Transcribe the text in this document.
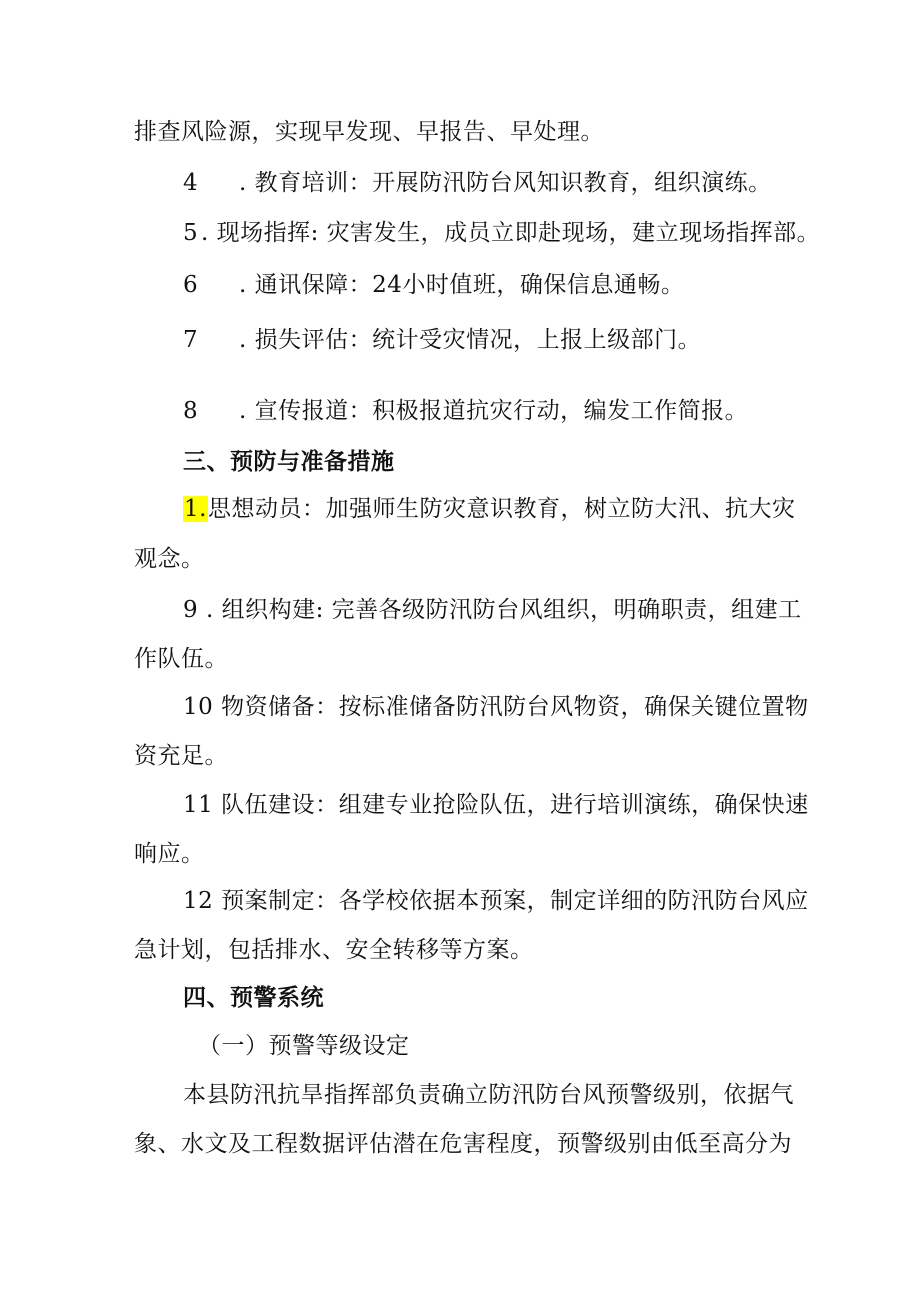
排查风险源，实现早发现、早报告、早处理。
4 . 教育培训：开展防汛防台风知识教育，组织演练。
5 . 现场指挥: 灾害发生，成员立即赴现场，建立现场指挥部。
6 . 通讯保障：24小时值班，确保信息通畅。
7 . 损失评估：统计受灾情况，上报上级部门。
8 . 宣传报道：积极报道抗灾行动，编发工作简报。
三、预防与准备措施
1.思想动员：加强师生防灾意识教育，树立防大汛、抗大灾
观念。
9 . 组织构建: 完善各级防汛防台风组织，明确职责，组建工
作队伍。
10 物资储备：按标准储备防汛防台风物资，确保关键位置物
资充足。
11 队伍建设：组建专业抢险队伍，进行培训演练，确保快速
响应。
12 预案制定：各学校依据本预案，制定详细的防汛防台风应
急计划，包括排水、安全转移等方案。
四、预警系统
（一）预警等级设定
本县防汛抗旱指挥部负责确立防汛防台风预警级别，依据气
象、水文及工程数据评估潜在危害程度，预警级别由低至高分为
